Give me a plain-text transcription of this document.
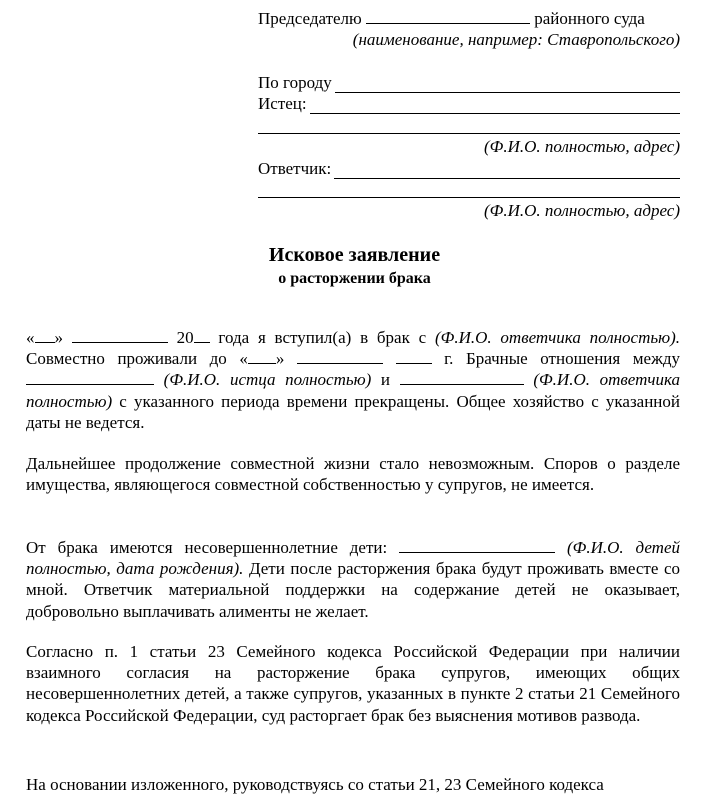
Председателю	районного суда
(наименование, например: Ставропольского)
По городу
Истец:
(Ф.И.О. полностью, адрес)
Ответчик:
(Ф.И.О. полностью, адрес)
Исковое заявление
о расторжении брака

« »	20 года я вступил(а) в брак с (Ф.И.О. ответчика полностью). Совместно проживали до « »	г. Брачные отношения между (Ф.И.О. истца полностью) и	(Ф.И.О. ответчика полностью) с указанного периода времени прекращены. Общее хозяйство с указанной даты не ведется.

Дальнейшее продолжение совместной жизни стало невозможным. Споров о разделе имущества, являющегося совместной собственностью у супругов, не имеется.

От брака имеются несовершеннолетние дети:	(Ф.И.О. детей полностью, дата рождения). Дети после расторжения брака будут проживать вместе со мной. Ответчик материальной поддержки на содержание детей не оказывает, добровольно выплачивать алименты не желает.

Согласно п. 1 статьи 23 Семейного кодекса Российской Федерации при наличии взаимного согласия на расторжение брака супругов, имеющих общих несовершеннолетних детей, а также супругов, указанных в пункте 2 статьи 21 Семейного кодекса Российской Федерации, суд расторгает брак без выяснения мотивов развода.

На основании изложенного, руководствуясь со статьи 21, 23 Семейного кодекса
